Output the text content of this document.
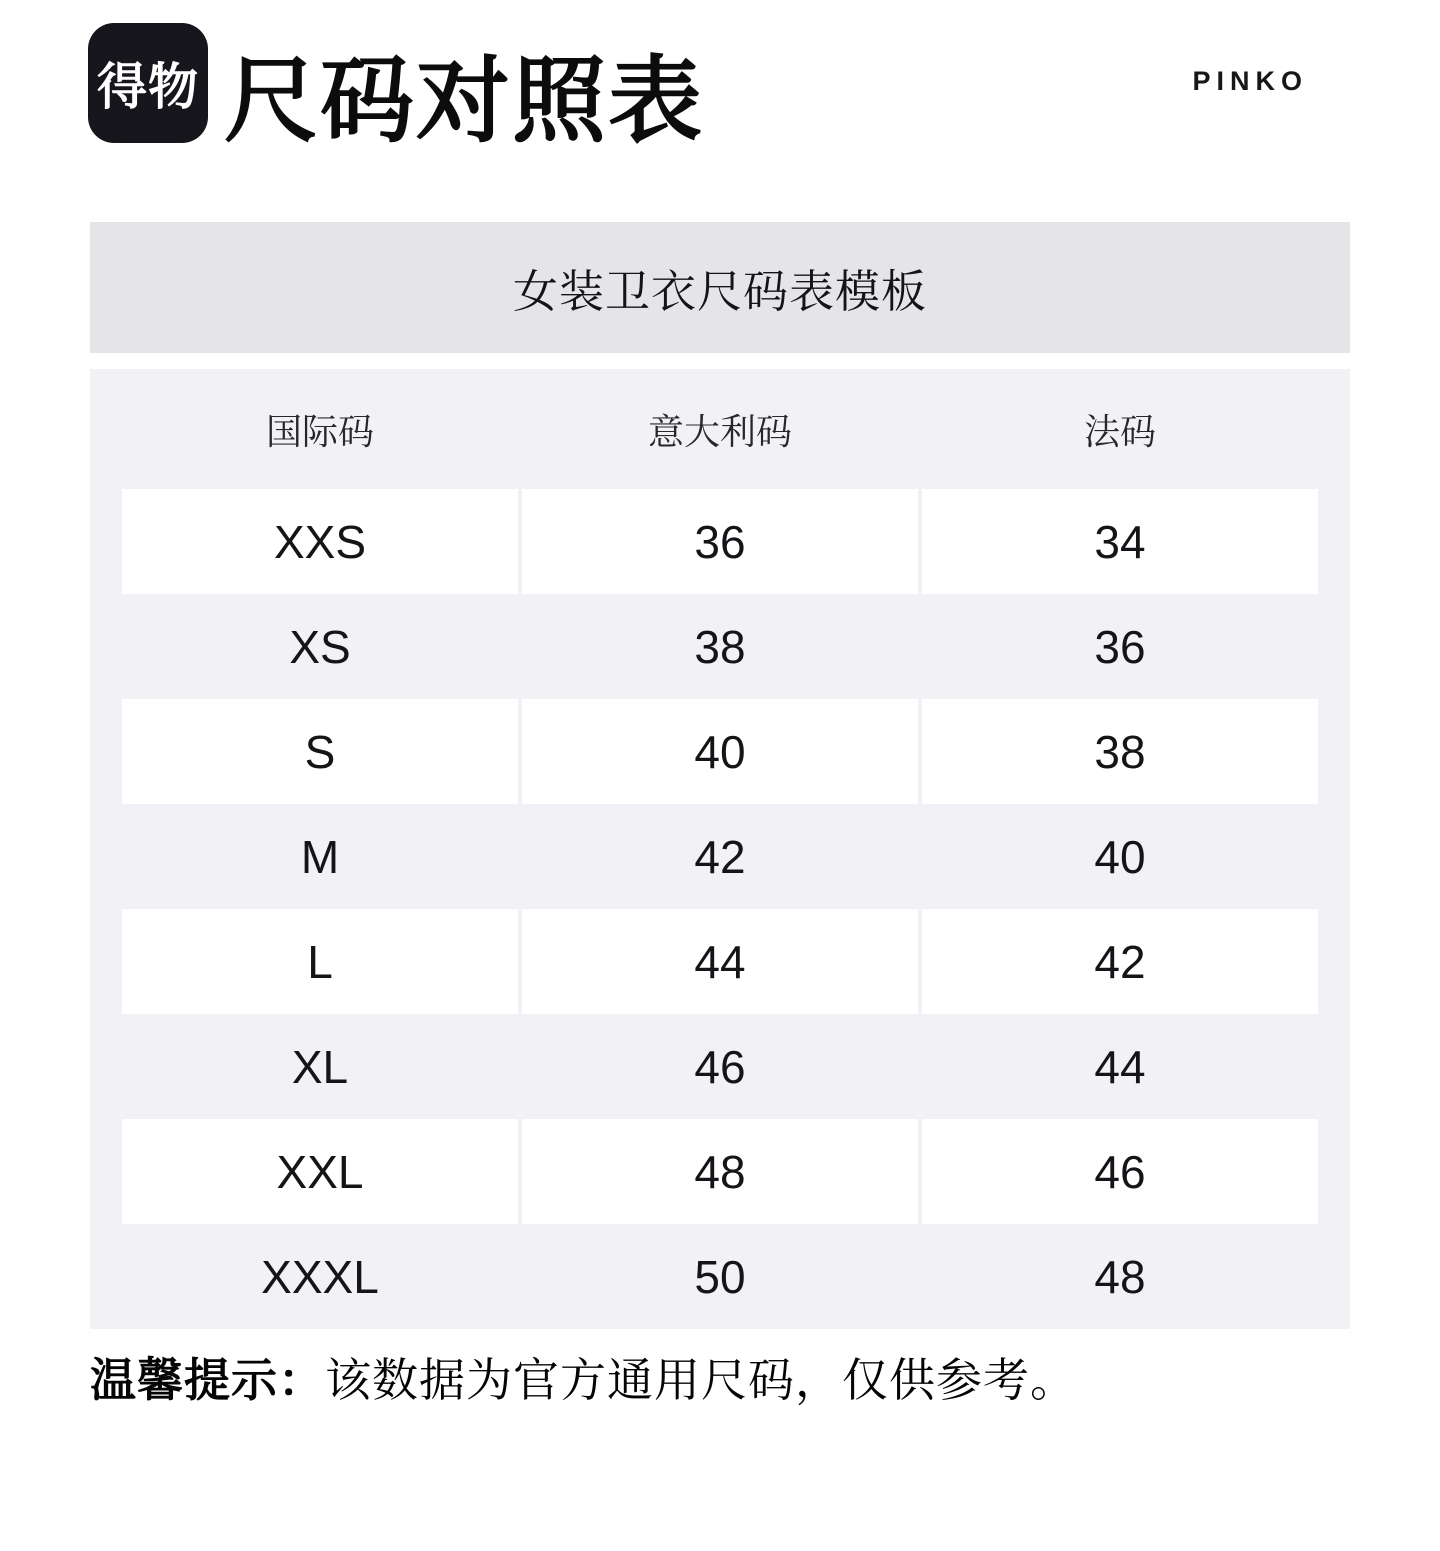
得物 尺码对照表	PINKO
女装卫衣尺码表模板
国际码	意大利码	法码
XXS	36	34
XS	38	36
S	40	38
M	42	40
L	44	42
XL	46	44
XXL	48	46
XXXL	50	48
温馨提示：该数据为官方通用尺码，仅供参考。
